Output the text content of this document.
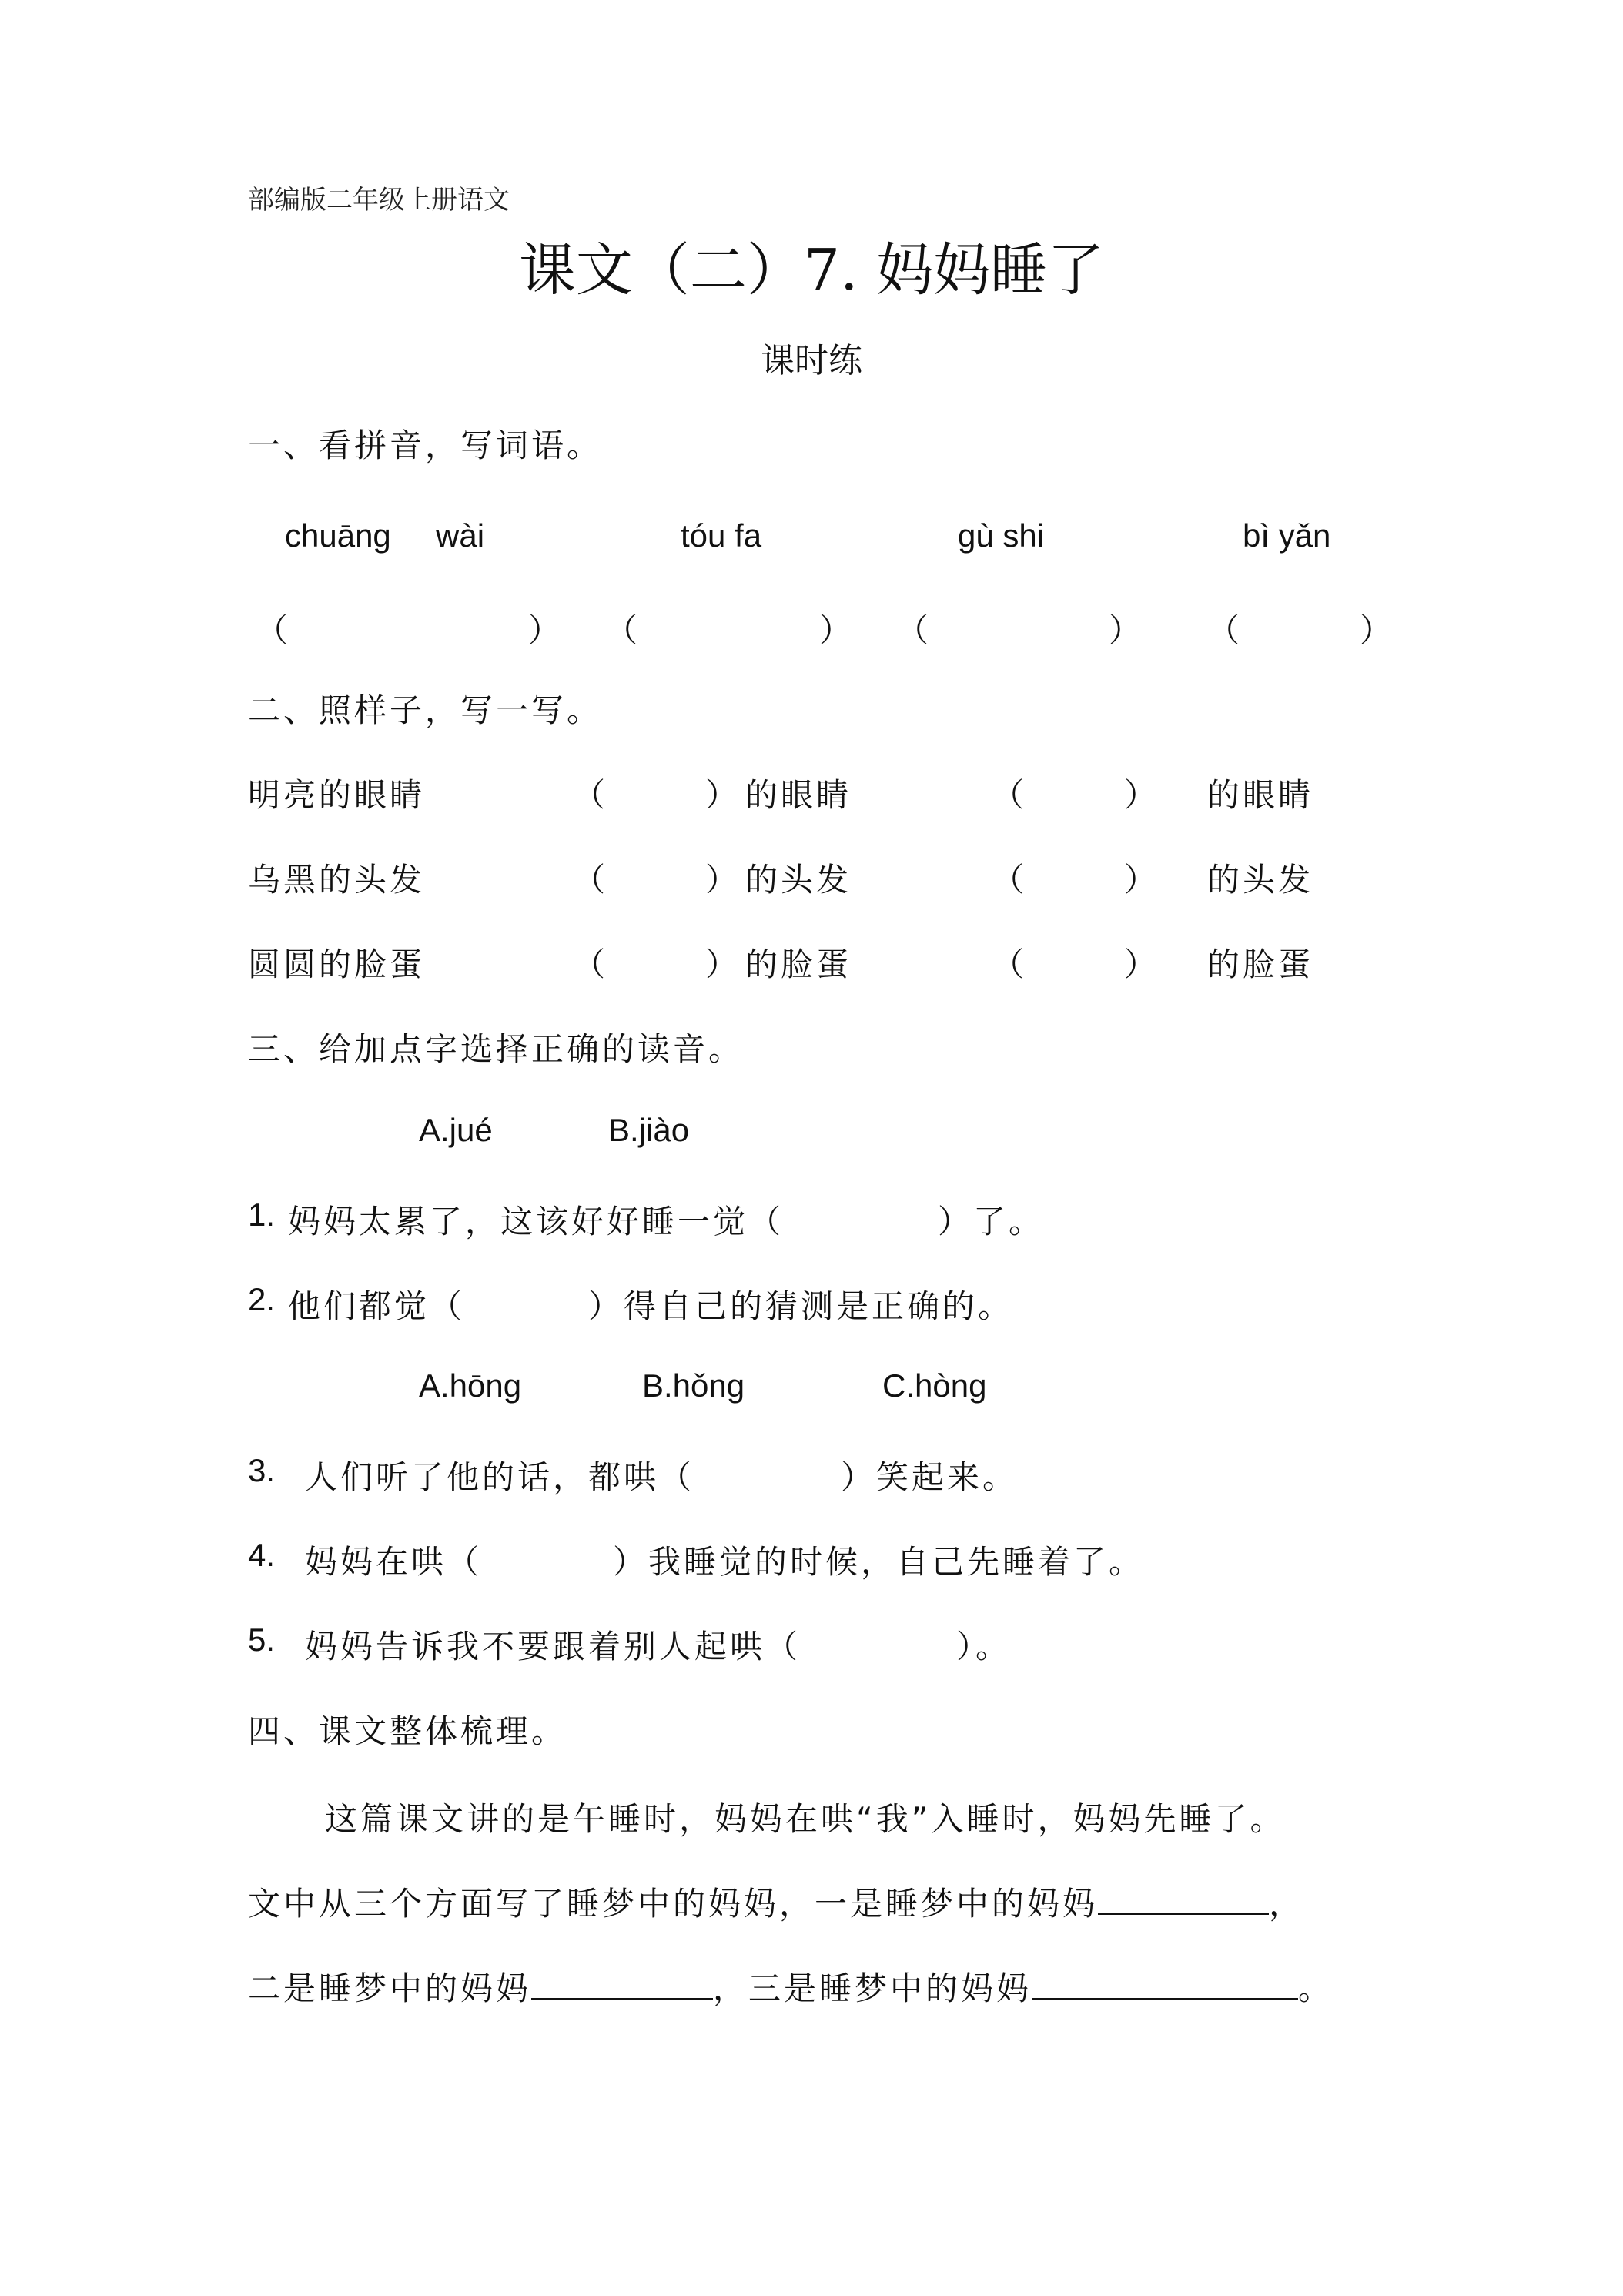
部编版二年级上册语文
课文（二）7. 妈妈睡了
课时练
一、看拼音，写词语。
chuāng wài	tóu fa	gù shi	bì yǎn
（	） （	） （	） （	）
二、照样子，写一写。
明亮的眼睛	（	） 的眼睛	（	） 的眼睛
乌黑的头发	（	） 的头发	（	） 的头发
圆圆的脸蛋	（	） 的脸蛋	（	） 的脸蛋
三、给加点字选择正确的读音。
A.jué	B.jiào
1. 妈妈太累了，这该好好睡一觉（	）了。
2. 他们都觉（	）得自己的猜测是正确的。
A.hōng	B.hǒng	C.hòng
3. 人们听了他的话，都哄（	）笑起来。
4. 妈妈在哄（	）我睡觉的时候，自己先睡着了。
5. 妈妈告诉我不要跟着别人起哄（	）。
四、课文整体梳理。
这篇课文讲的是午睡时，妈妈在哄“我”入睡时，妈妈先睡了。
文中从三个方面写了睡梦中的妈妈，一是睡梦中的妈妈	，
二是睡梦中的妈妈	，三是睡梦中的妈妈	。
